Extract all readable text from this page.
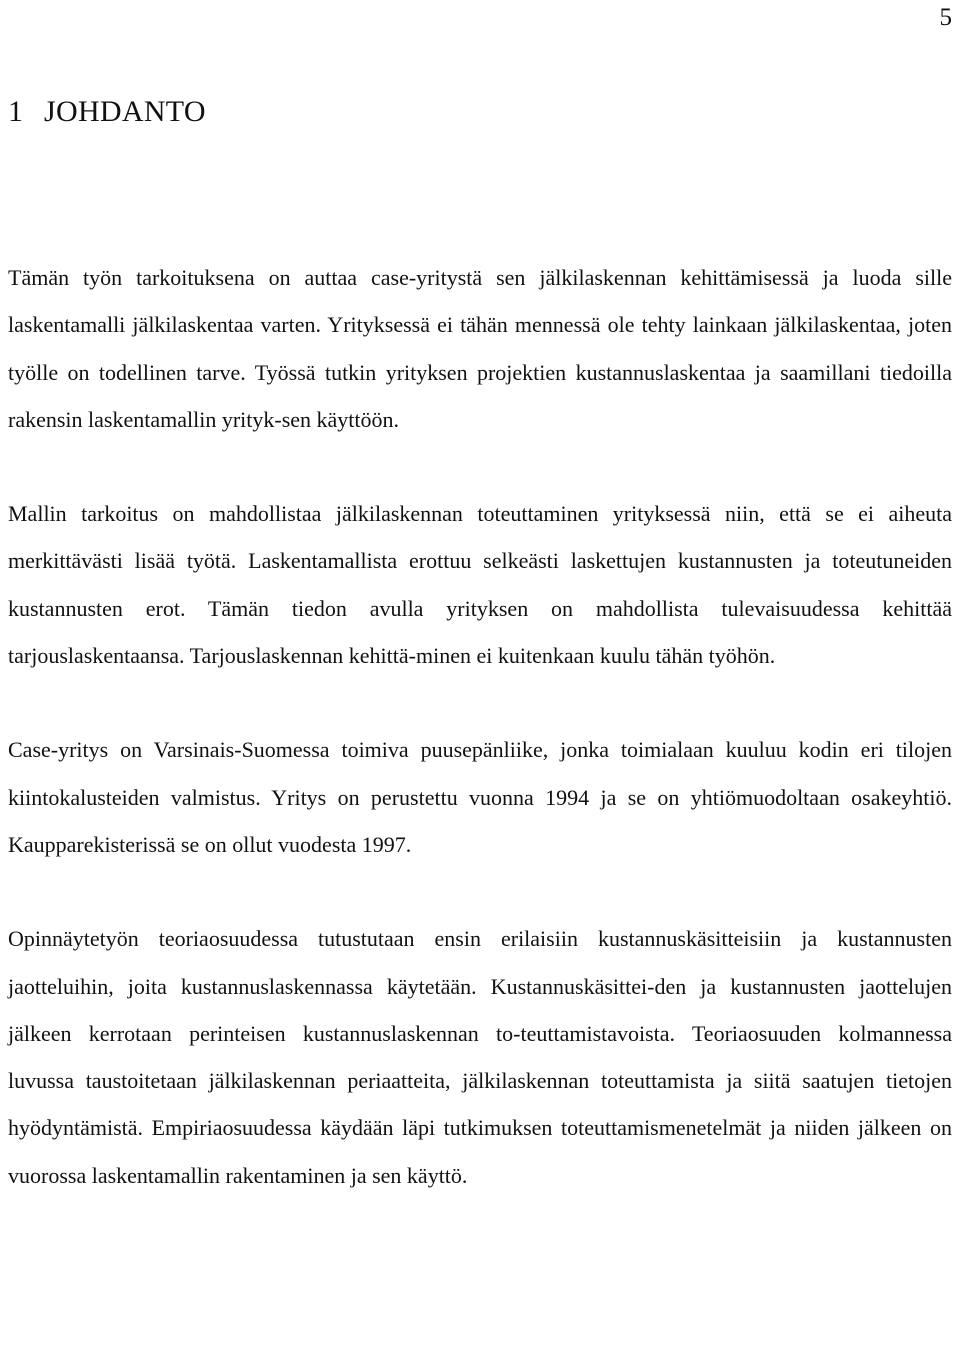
5
1 JOHDANTO

Tämän työn tarkoituksena on auttaa case-yritystä sen jälkilaskennan kehittämisessä ja luoda sille laskentamalli jälkilaskentaa varten. Yrityksessä ei tähän mennessä ole tehty lainkaan jälkilaskentaa, joten työlle on todellinen tarve. Työssä tutkin yrityksen projektien kustannuslaskentaa ja saamillani tiedoilla rakensin laskentamallin yrityk-sen käyttöön.

Mallin tarkoitus on mahdollistaa jälkilaskennan toteuttaminen yrityksessä niin, että se ei aiheuta merkittävästi lisää työtä. Laskentamallista erottuu selkeästi laskettujen kustannusten ja toteutuneiden kustannusten erot. Tämän tiedon avulla yrityksen on mahdollista tulevaisuudessa kehittää tarjouslaskentaansa. Tarjouslaskennan kehittä-minen ei kuitenkaan kuulu tähän työhön.

Case-yritys on Varsinais-Suomessa toimiva puusepänliike, jonka toimialaan kuuluu kodin eri tilojen kiintokalusteiden valmistus. Yritys on perustettu vuonna 1994 ja se on yhtiömuodoltaan osakeyhtiö. Kaupparekisterissä se on ollut vuodesta 1997.

Opinnäytetyön teoriaosuudessa tutustutaan ensin erilaisiin kustannuskäsitteisiin ja kustannusten jaotteluihin, joita kustannuslaskennassa käytetään. Kustannuskäsittei-den ja kustannusten jaottelujen jälkeen kerrotaan perinteisen kustannuslaskennan to-teuttamistavoista. Teoriaosuuden kolmannessa luvussa taustoitetaan jälkilaskennan periaatteita, jälkilaskennan toteuttamista ja siitä saatujen tietojen hyödyntämistä. Empiriaosuudessa käydään läpi tutkimuksen toteuttamismenetelmät ja niiden jälkeen on vuorossa laskentamallin rakentaminen ja sen käyttö.
